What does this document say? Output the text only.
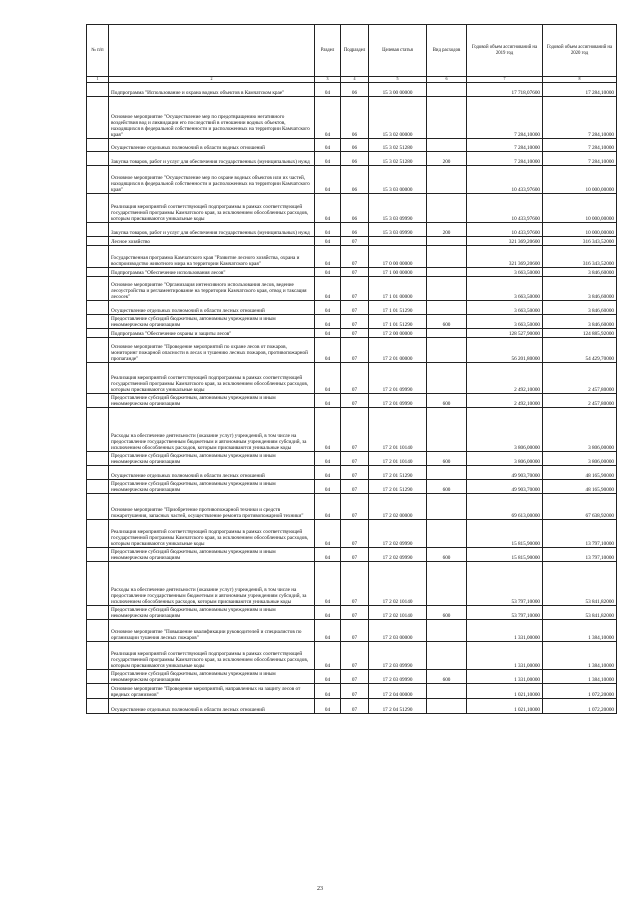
№ п/п		Раздел	Подраздел	Целевая статья	Вид расходов	Годовой объем ассигнований на 2019 год	Годовой объем ассигнований на 2020 год
1	2	3	4	5	6	7	8
	Подпрограмма "Использование и охрана водных объектов в Камчатском крае"	04	06	15 3 00 00000		17 718,07600	17 284,10000
	Основное мероприятие "Осуществление мер по предотвращению негативного воздействия вод и ликвидации его последствий в отношении водных объектов, находящихся в федеральной собственности и расположенных на территории Камчатского края"	04	06	15 3 02 00000		7 284,10000	7 284,10000
	Осуществление отдельных полномочий в области водных отношений	04	06	15 3 02 51280		7 284,10000	7 284,10000
	Закупка товаров, работ и услуг для обеспечения государственных (муниципальных) нужд	04	06	15 3 02 51280	200	7 284,10000	7 284,10000
	Основное мероприятие "Осуществление мер по охране водных объектов или их частей, находящихся в федеральной собственности и расположенных на территории Камчатского края"	04	06	15 3 03 00000		10 433,97600	10 000,00000
	Реализация мероприятий соответствующей подпрограммы в рамках соответствующей государственной программы Камчатского края, за исключением обособленных расходов, которым присваиваются уникальные коды	04	06	15 3 03 09990		10 433,97600	10 000,00000
	Закупка товаров, работ и услуг для обеспечения государственных (муниципальных) нужд	04	06	15 3 03 09990	200	10 433,97600	10 000,00000
	Лесное хозяйство	04	07			321 369,20600	316 343,52000
	Государственная программа Камчатского края "Развитие лесного хозяйства, охрана и воспроизводство животного мира на территории Камчатского края"	04	07	17 0 00 00000		321 369,20600	316 343,52000
	Подпрограмма "Обеспечение использования лесов"	04	07	17 1 00 00000		3 663,50000	3 846,60000
	Основное мероприятие "Организация интенсивного использования лесов, ведение лесоустройства и регламентирование на территории Камчатского края, отвод и таксация лесосек"	04	07	17 1 01 00000		3 663,50000	3 846,60000
	Осуществление отдельных полномочий в области лесных отношений	04	07	17 1 01 51290		3 663,50000	3 846,60000
	Предоставление субсидий бюджетным, автономным учреждениям и иным некоммерческим организациям	04	07	17 1 01 51290	600	3 663,50000	3 846,60000
	Подпрограмма "Обеспечение охраны и защиты лесов"	04	07	17 2 00 00000		128 527,90000	124 885,92000
	Основное мероприятие "Проведение мероприятий по охране лесов от пожаров, мониторинг пожарной опасности в лесах и тушению лесных пожаров, противопожарной пропаганде"	04	07	17 2 01 00000		56 201,80000	54 429,70000
	Реализация мероприятий соответствующей подпрограммы в рамках соответствующей государственной программы Камчатского края, за исключением обособленных расходов, которым присваиваются уникальные коды	04	07	17 2 01 09990		2 492,10000	2 457,80000
	Предоставление субсидий бюджетным, автономным учреждениям и иным некоммерческим организациям	04	07	17 2 01 09990	600	2 492,10000	2 457,80000
	Расходы на обеспечение деятельности (оказание услуг) учреждений, в том числе на предоставление государственным бюджетным и автономным учреждениям субсидий, за исключением обособленных расходов, которым присваиваются уникальные коды	04	07	17 2 01 10140		3 806,00000	3 806,00000
	Предоставление субсидий бюджетным, автономным учреждениям и иным некоммерческим организациям	04	07	17 2 01 10140	600	3 806,00000	3 806,00000
	Осуществление отдельных полномочий в области лесных отношений	04	07	17 2 01 51290		49 903,70000	48 165,90000
	Предоставление субсидий бюджетным, автономным учреждениям и иным некоммерческим организациям	04	07	17 2 01 51290	600	49 903,70000	48 165,90000
	Основное мероприятие "Приобретение противопожарной техники и средств пожаротушения, запасных частей, осуществление ремонта противопожарной техники"	04	07	17 2 02 00000		69 613,00000	67 638,92000
	Реализация мероприятий соответствующей подпрограммы в рамках соответствующей государственной программы Камчатского края, за исключением обособленных расходов, которым присваиваются уникальные коды	04	07	17 2 02 09990		15 815,90000	13 797,10000
	Предоставление субсидий бюджетным, автономным учреждениям и иным некоммерческим организациям	04	07	17 2 02 09990	600	15 815,90000	13 797,10000
	Расходы на обеспечение деятельности (оказание услуг) учреждений, в том числе на предоставление государственным бюджетным и автономным учреждениям субсидий, за исключением обособленных расходов, которым присваиваются уникальные коды	04	07	17 2 02 10140		53 797,10000	53 841,82000
	Предоставление субсидий бюджетным, автономным учреждениям и иным некоммерческим организациям	04	07	17 2 02 10140	600	53 797,10000	53 841,82000
	Основное мероприятие "Повышение квалификации руководителей и специалистов по организации тушения лесных пожаров"	04	07	17 2 03 00000		1 331,00000	1 384,10000
	Реализация мероприятий соответствующей подпрограммы в рамках соответствующей государственной программы Камчатского края, за исключением обособленных расходов, которым присваиваются уникальные коды	04	07	17 2 03 09990		1 331,00000	1 384,10000
	Предоставление субсидий бюджетным, автономным учреждениям и иным некоммерческим организациям	04	07	17 2 03 09990	600	1 331,00000	1 384,10000
	Основное мероприятие "Проведение мероприятий, направленных на защиту лесов от вредных организмов"	04	07	17 2 04 00000		1 021,10000	1 072,20000
	Осуществление отдельных полномочий в области лесных отношений	04	07	17 2 04 51290		1 021,10000	1 072,20000
23
